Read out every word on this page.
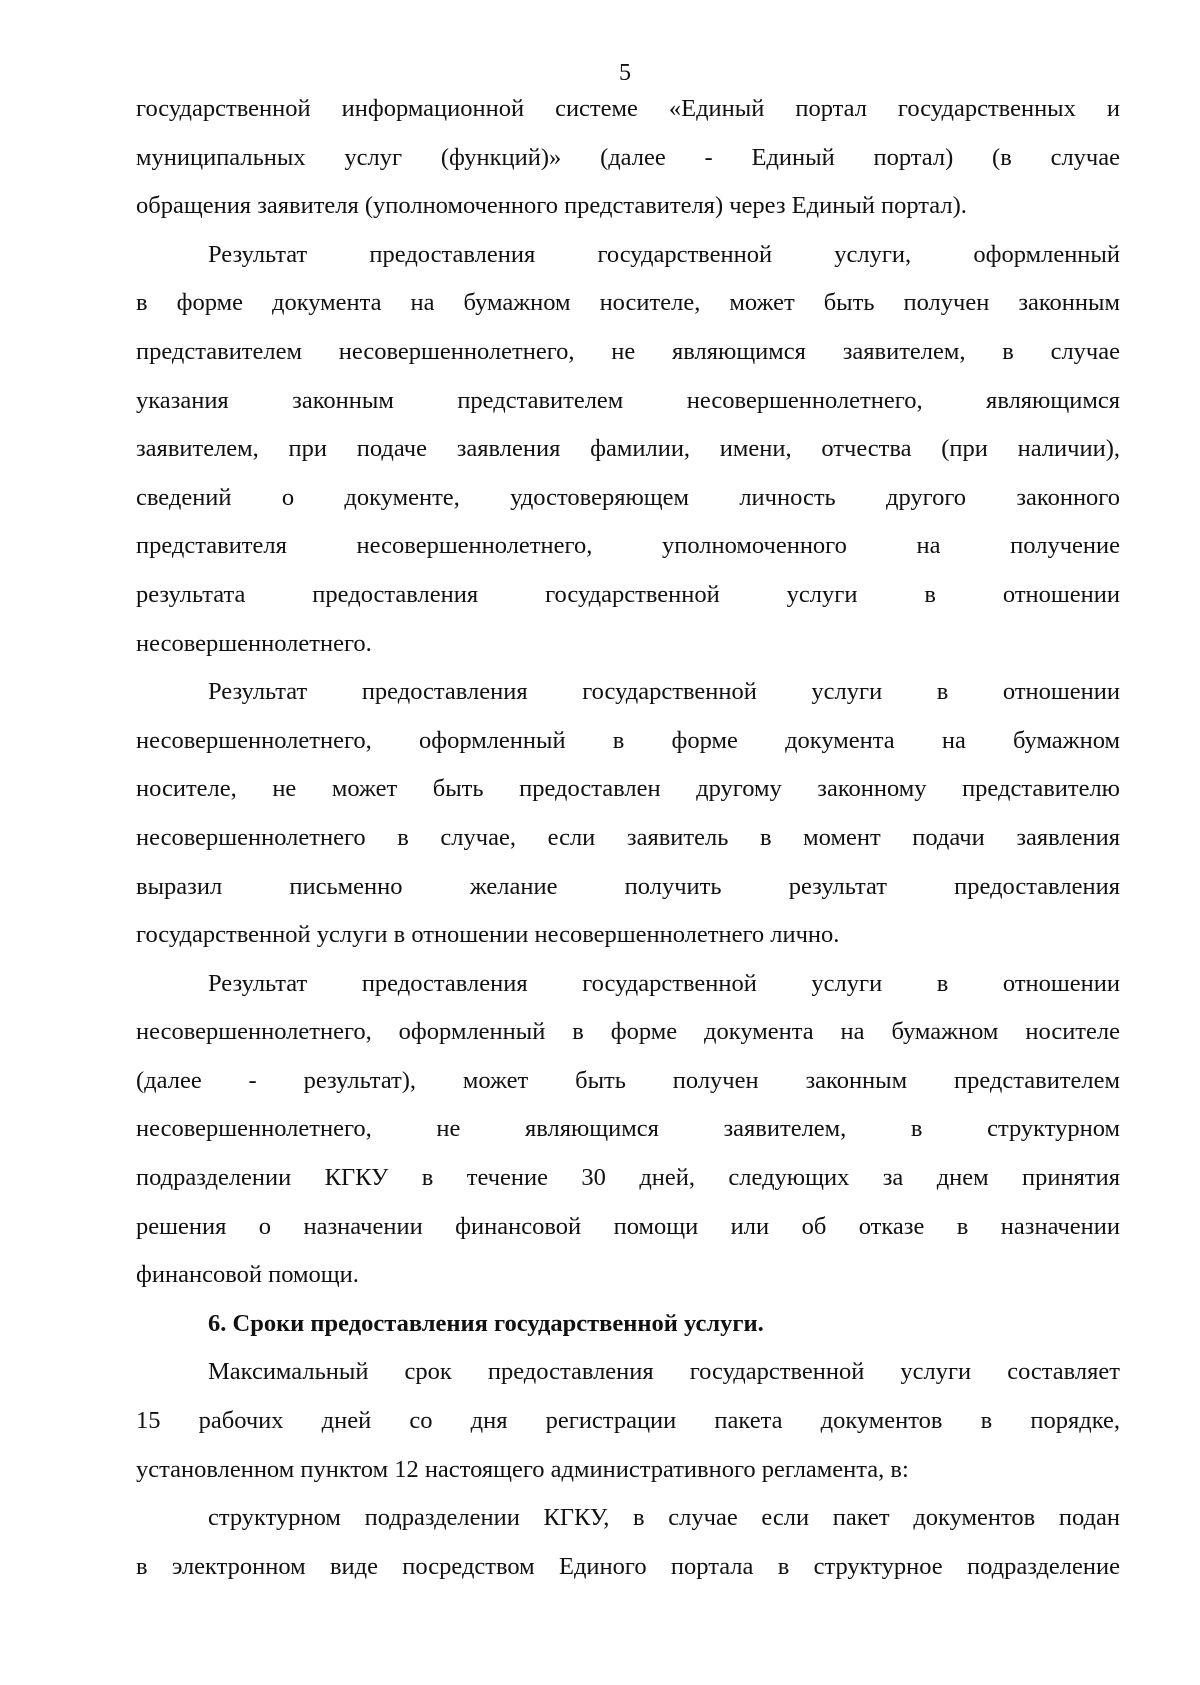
5

государственной информационной системе «Единый портал государственных и

муниципальных услуг (функций)» (далее - Единый портал) (в случае

обращения заявителя (уполномоченного представителя) через Единый портал).

Результат предоставления государственной услуги, оформленный

в форме документа на бумажном носителе, может быть получен законным

представителем несовершеннолетнего, не являющимся заявителем, в случае

указания законным представителем несовершеннолетнего, являющимся

заявителем, при подаче заявления фамилии, имени, отчества (при наличии),

сведений о документе, удостоверяющем личность другого законного

представителя несовершеннолетнего, уполномоченного на получение

результата предоставления государственной услуги в отношении

несовершеннолетнего.

Результат предоставления государственной услуги в отношении

несовершеннолетнего, оформленный в форме документа на бумажном

носителе, не может быть предоставлен другому законному представителю

несовершеннолетнего в случае, если заявитель в момент подачи заявления

выразил письменно желание получить результат предоставления

государственной услуги в отношении несовершеннолетнего лично.

Результат предоставления государственной услуги в отношении

несовершеннолетнего, оформленный в форме документа на бумажном носителе

(далее - результат), может быть получен законным представителем

несовершеннолетнего, не являющимся заявителем, в структурном

подразделении КГКУ в течение 30 дней, следующих за днем принятия

решения о назначении финансовой помощи или об отказе в назначении

финансовой помощи.

6. Сроки предоставления государственной услуги.

Максимальный срок предоставления государственной услуги составляет

15 рабочих дней со дня регистрации пакета документов в порядке,

установленном пунктом 12 настоящего административного регламента, в:

структурном подразделении КГКУ, в случае если пакет документов подан

в электронном виде посредством Единого портала в структурное подразделение
